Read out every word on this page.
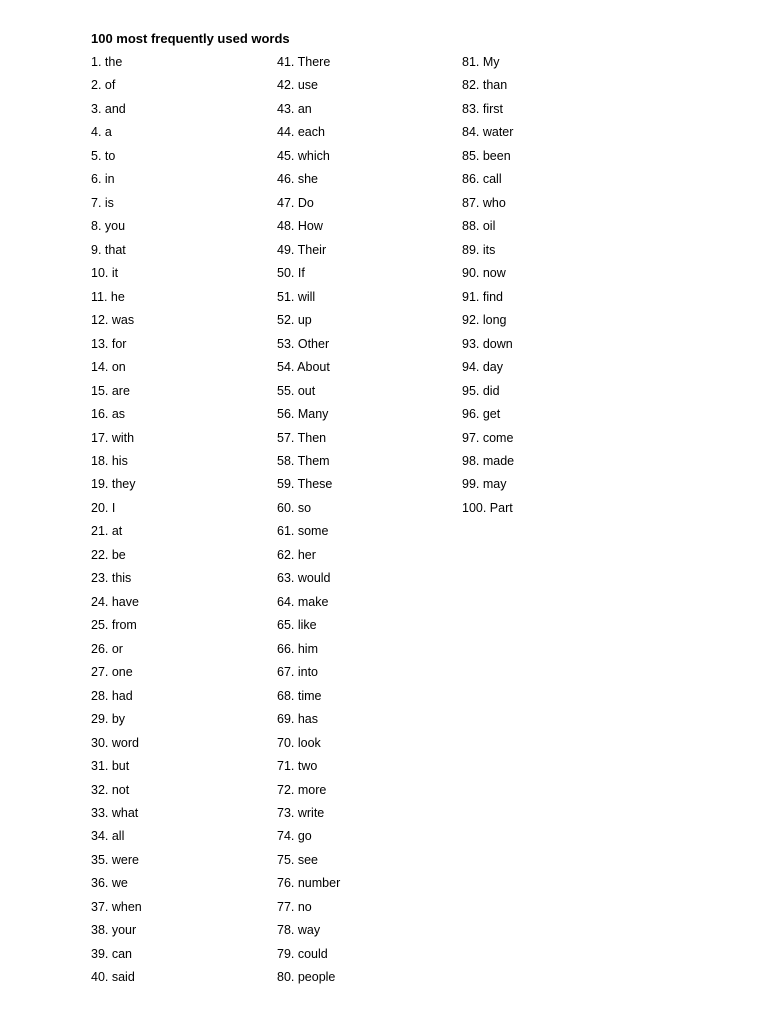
100 most frequently used words
1. the
2. of
3. and
4. a
5. to
6. in
7. is
8. you
9. that
10. it
11. he
12. was
13. for
14. on
15. are
16. as
17. with
18. his
19. they
20. I
21. at
22. be
23. this
24. have
25. from
26. or
27. one
28. had
29. by
30. word
31. but
32. not
33. what
34. all
35. were
36. we
37. when
38. your
39. can
40. said
41. There
42. use
43. an
44. each
45. which
46. she
47. Do
48. How
49. Their
50. If
51. will
52. up
53. Other
54. About
55. out
56. Many
57. Then
58. Them
59. These
60. so
61. some
62. her
63. would
64. make
65. like
66. him
67. into
68. time
69. has
70. look
71. two
72. more
73. write
74. go
75. see
76. number
77. no
78. way
79. could
80. people
81. My
82. than
83. first
84. water
85. been
86. call
87. who
88. oil
89. its
90. now
91. find
92. long
93. down
94. day
95. did
96. get
97. come
98. made
99. may
100. Part
